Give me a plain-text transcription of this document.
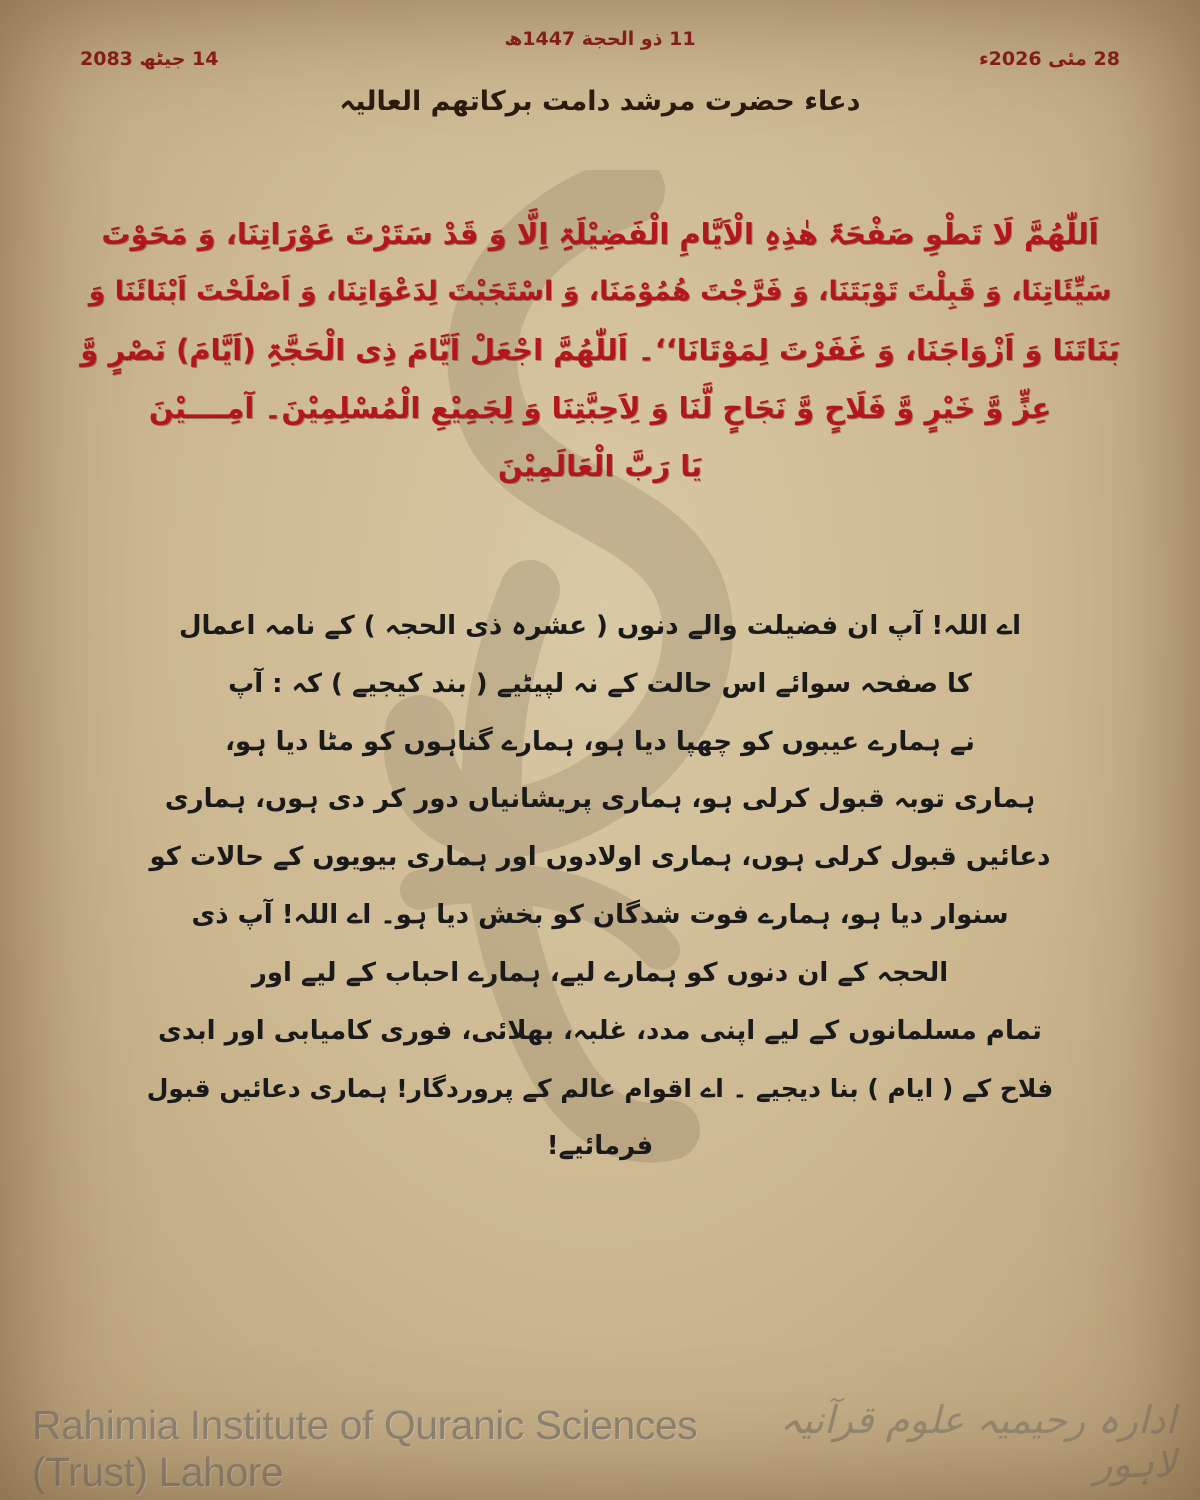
11 ذو الحجة 1447ھ
28 مئی 2026ء
14 جیٹھ 2083
دعاء حضرت مرشد دامت برکاتھم العالیہ
اَللّٰھُمَّ لَا تَطْوِ صَفْحَۃَ ھٰذِہِ الْاَیَّامِ الْفَضِیْلَۃِ اِلَّا وَ قَدْ سَتَرْتَ عَوْرَاتِنَا، وَ مَحَوْتَ
سَیِّئَاتِنَا، وَ قَبِلْتَ تَوْبَتَنَا، وَ فَرَّجْتَ ھُمُوْمَنَا، وَ اسْتَجَبْتَ لِدَعْوَاتِنَا، وَ اَصْلَحْتَ اَبْنَائَنَا وَ
بَنَاتَنَا وَ اَزْوَاجَنَا، وَ غَفَرْتَ لِمَوْتَانَا‘‘۔ اَللّٰھُمَّ اجْعَلْ اَیَّامَ ذِی الْحَجَّۃِ (اَیَّامَ) نَصْرٍ وَّ
عِزٍّ وَّ خَیْرٍ وَّ فَلَاحٍ وَّ نَجَاحٍ لَّنَا وَ لِاَحِبَّتِنَا وَ لِجَمِیْعِ الْمُسْلِمِیْنَ۔ آمِــــیْنَ
یَا رَبَّ الْعَالَمِیْنَ
اے اللہ! آپ ان فضیلت والے دنوں ( عشرہ ذی الحجہ ) کے نامہ اعمال
کا صفحہ سوائے اس حالت کے نہ لپیٹیے ( بند کیجیے ) کہ : آپ
نے ہمارے عیبوں کو چھپا دیا ہو، ہمارے گناہوں کو مٹا دیا ہو،
ہماری توبہ قبول کرلی ہو، ہماری پریشانیاں دور کر دی ہوں، ہماری
دعائیں قبول کرلی ہوں، ہماری اولادوں اور ہماری بیویوں کے حالات کو
سنوار دیا ہو، ہمارے فوت شدگان کو بخش دیا ہو۔ اے اللہ! آپ ذی
الحجہ کے ان دنوں کو ہمارے لیے، ہمارے احباب کے لیے اور
تمام مسلمانوں کے لیے اپنی مدد، غلبہ، بھلائی، فوری کامیابی اور ابدی
فلاح کے ( ایام ) بنا دیجیے ۔ اے اقوام عالم کے پروردگار! ہماری دعائیں قبول
فرمائیے!
Rahimia Institute of Quranic Sciences (Trust) Lahore
ادارہ رحیمیہ علوم قرآنیہ لاہور
